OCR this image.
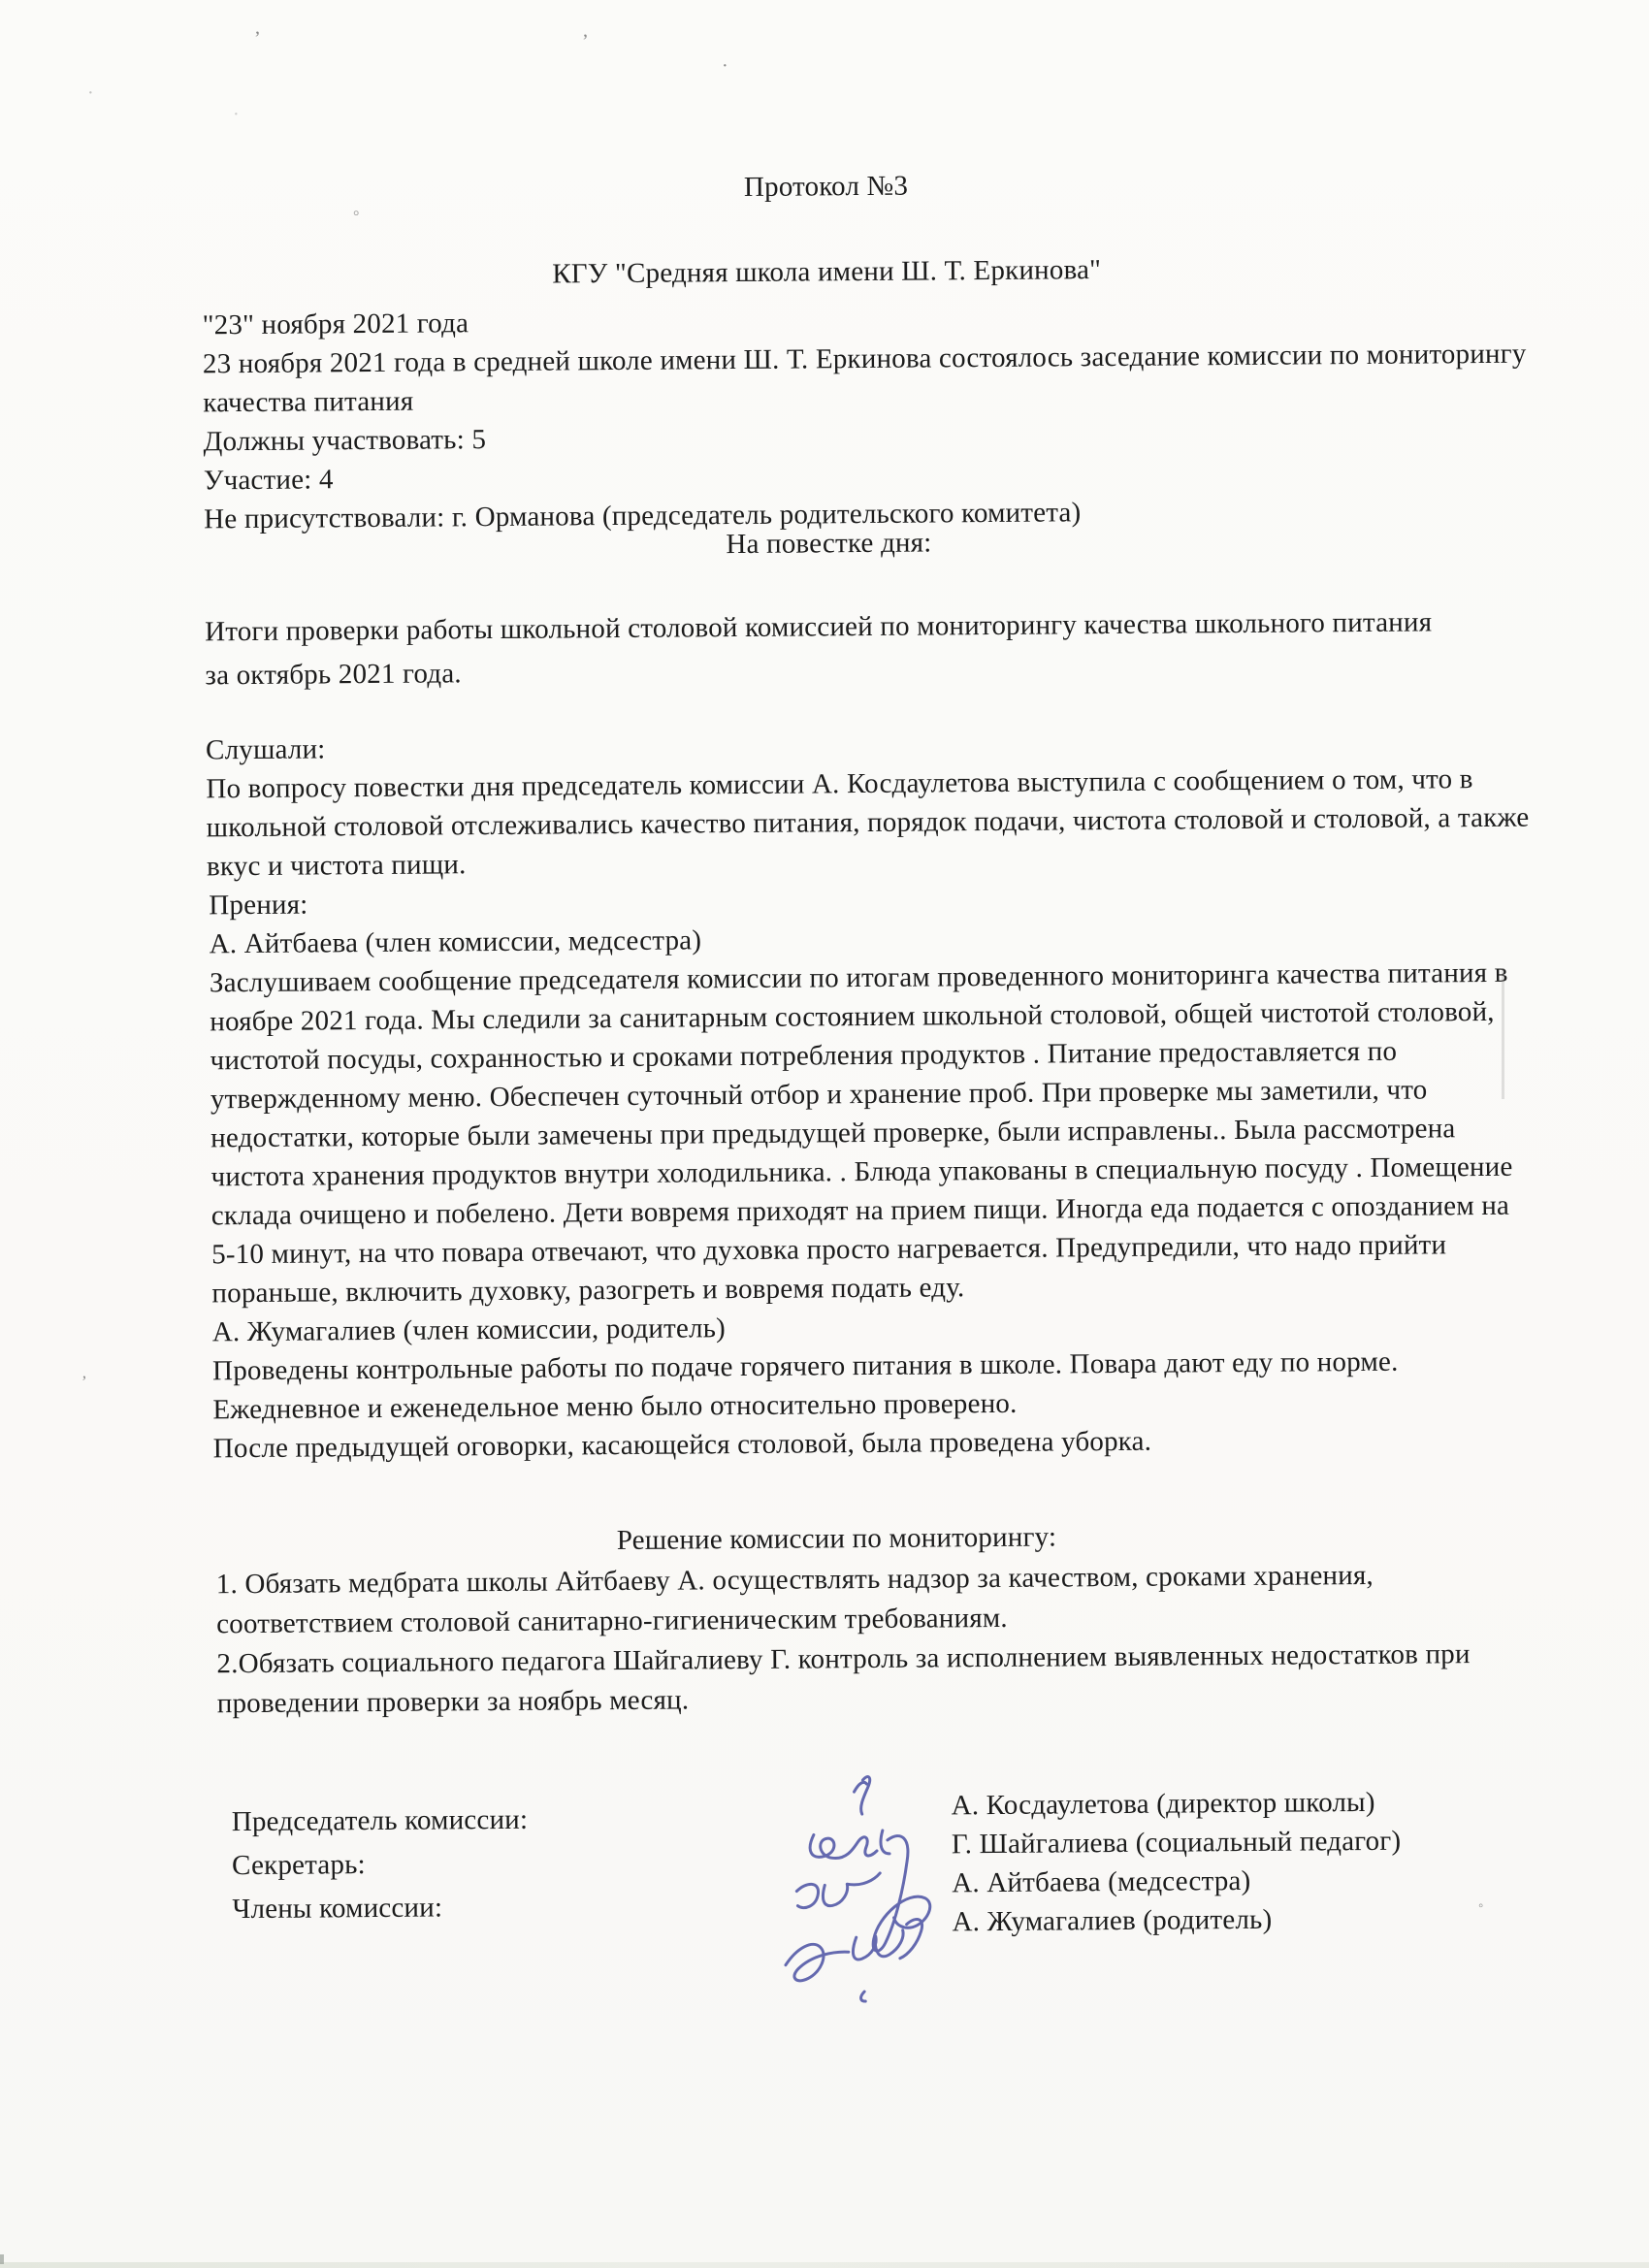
Протокол №3
КГУ "Средняя школа имени Ш. Т. Еркинова"
"23" ноября 2021 года
23 ноября 2021 года в средней школе имени Ш. Т. Еркинова состоялось заседание комиссии по мониторингу качества питания
Должны участвовать: 5
Участие: 4
Не присутствовали: г. Орманова (председатель родительского комитета)
На повестке дня:
Итоги проверки работы школьной столовой комиссией по мониторингу качества школьного питания за октябрь 2021 года.
Слушали:
По вопросу повестки дня председатель комиссии А. Косдаулетова выступила с сообщением о том, что в школьной столовой отслеживались качество питания, порядок подачи, чистота столовой и столовой, а также вкус и чистота пищи.
Прения:
А. Айтбаева (член комиссии, медсестра)
Заслушиваем сообщение председателя комиссии по итогам проведенного мониторинга качества питания в ноябре 2021 года. Мы следили за санитарным состоянием школьной столовой, общей чистотой столовой, чистотой посуды, сохранностью и сроками потребления продуктов . Питание предоставляется по утвержденному меню. Обеспечен суточный отбор и хранение проб. При проверке мы заметили, что недостатки, которые были замечены при предыдущей проверке, были исправлены.. Была рассмотрена чистота хранения продуктов внутри холодильника. . Блюда упакованы в специальную посуду . Помещение склада очищено и побелено. Дети вовремя приходят на прием пищи. Иногда еда подается с опозданием на 5-10 минут, на что повара отвечают, что духовка просто нагревается. Предупредили, что надо прийти пораньше, включить духовку, разогреть и вовремя подать еду.
А. Жумагалиев (член комиссии, родитель)
Проведены контрольные работы по подаче горячего питания в школе. Повара дают еду по норме.
Ежедневное и еженедельное меню было относительно проверено.
После предыдущей оговорки, касающейся столовой, была проведена уборка.
Решение комиссии по мониторингу:
1. Обязать медбрата школы Айтбаеву А. осуществлять надзор за качеством, сроками хранения, соответствием столовой санитарно-гигиеническим требованиям.
2.Обязать социального педагога Шайгалиеву Г. контроль за исполнением выявленных недостатков при проведении проверки за ноябрь месяц.
Председатель комиссии:
Секретарь:
Члены комиссии:
А. Косдаулетова (директор школы)
Г. Шайгалиева (социальный педагог)
А. Айтбаева (медсестра)
А. Жумагалиев (родитель)
ʼ	ʼ
·
°
·
·
ʼ
◦
